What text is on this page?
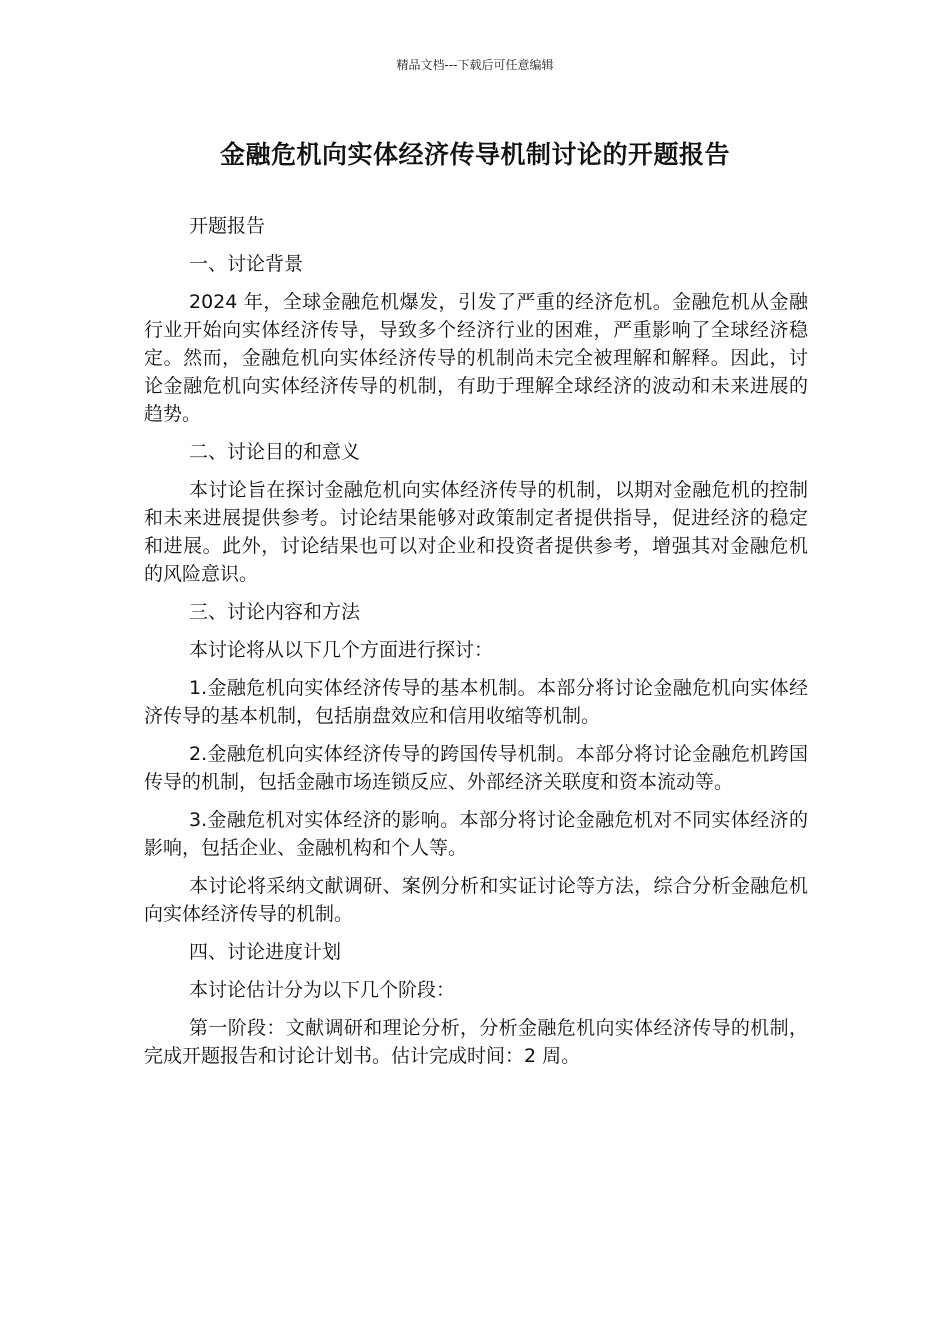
精品文档---下载后可任意编辑
金融危机向实体经济传导机制讨论的开题报告

开题报告

一、讨论背景

2024 年，全球金融危机爆发，引发了严重的经济危机。金融危机从金融行业开始向实体经济传导，导致多个经济行业的困难，严重影响了全球经济稳定。然而，金融危机向实体经济传导的机制尚未完全被理解和解释。因此，讨论金融危机向实体经济传导的机制，有助于理解全球经济的波动和未来进展的趋势。

二、讨论目的和意义

本讨论旨在探讨金融危机向实体经济传导的机制，以期对金融危机的控制和未来进展提供参考。讨论结果能够对政策制定者提供指导，促进经济的稳定和进展。此外，讨论结果也可以对企业和投资者提供参考，增强其对金融危机的风险意识。

三、讨论内容和方法

本讨论将从以下几个方面进行探讨：

1.金融危机向实体经济传导的基本机制。本部分将讨论金融危机向实体经济传导的基本机制，包括崩盘效应和信用收缩等机制。

2.金融危机向实体经济传导的跨国传导机制。本部分将讨论金融危机跨国传导的机制，包括金融市场连锁反应、外部经济关联度和资本流动等。

3.金融危机对实体经济的影响。本部分将讨论金融危机对不同实体经济的影响，包括企业、金融机构和个人等。

本讨论将采纳文献调研、案例分析和实证讨论等方法，综合分析金融危机向实体经济传导的机制。

四、讨论进度计划

本讨论估计分为以下几个阶段：

第一阶段：文献调研和理论分析，分析金融危机向实体经济传导的机制，完成开题报告和讨论计划书。估计完成时间：2 周。
